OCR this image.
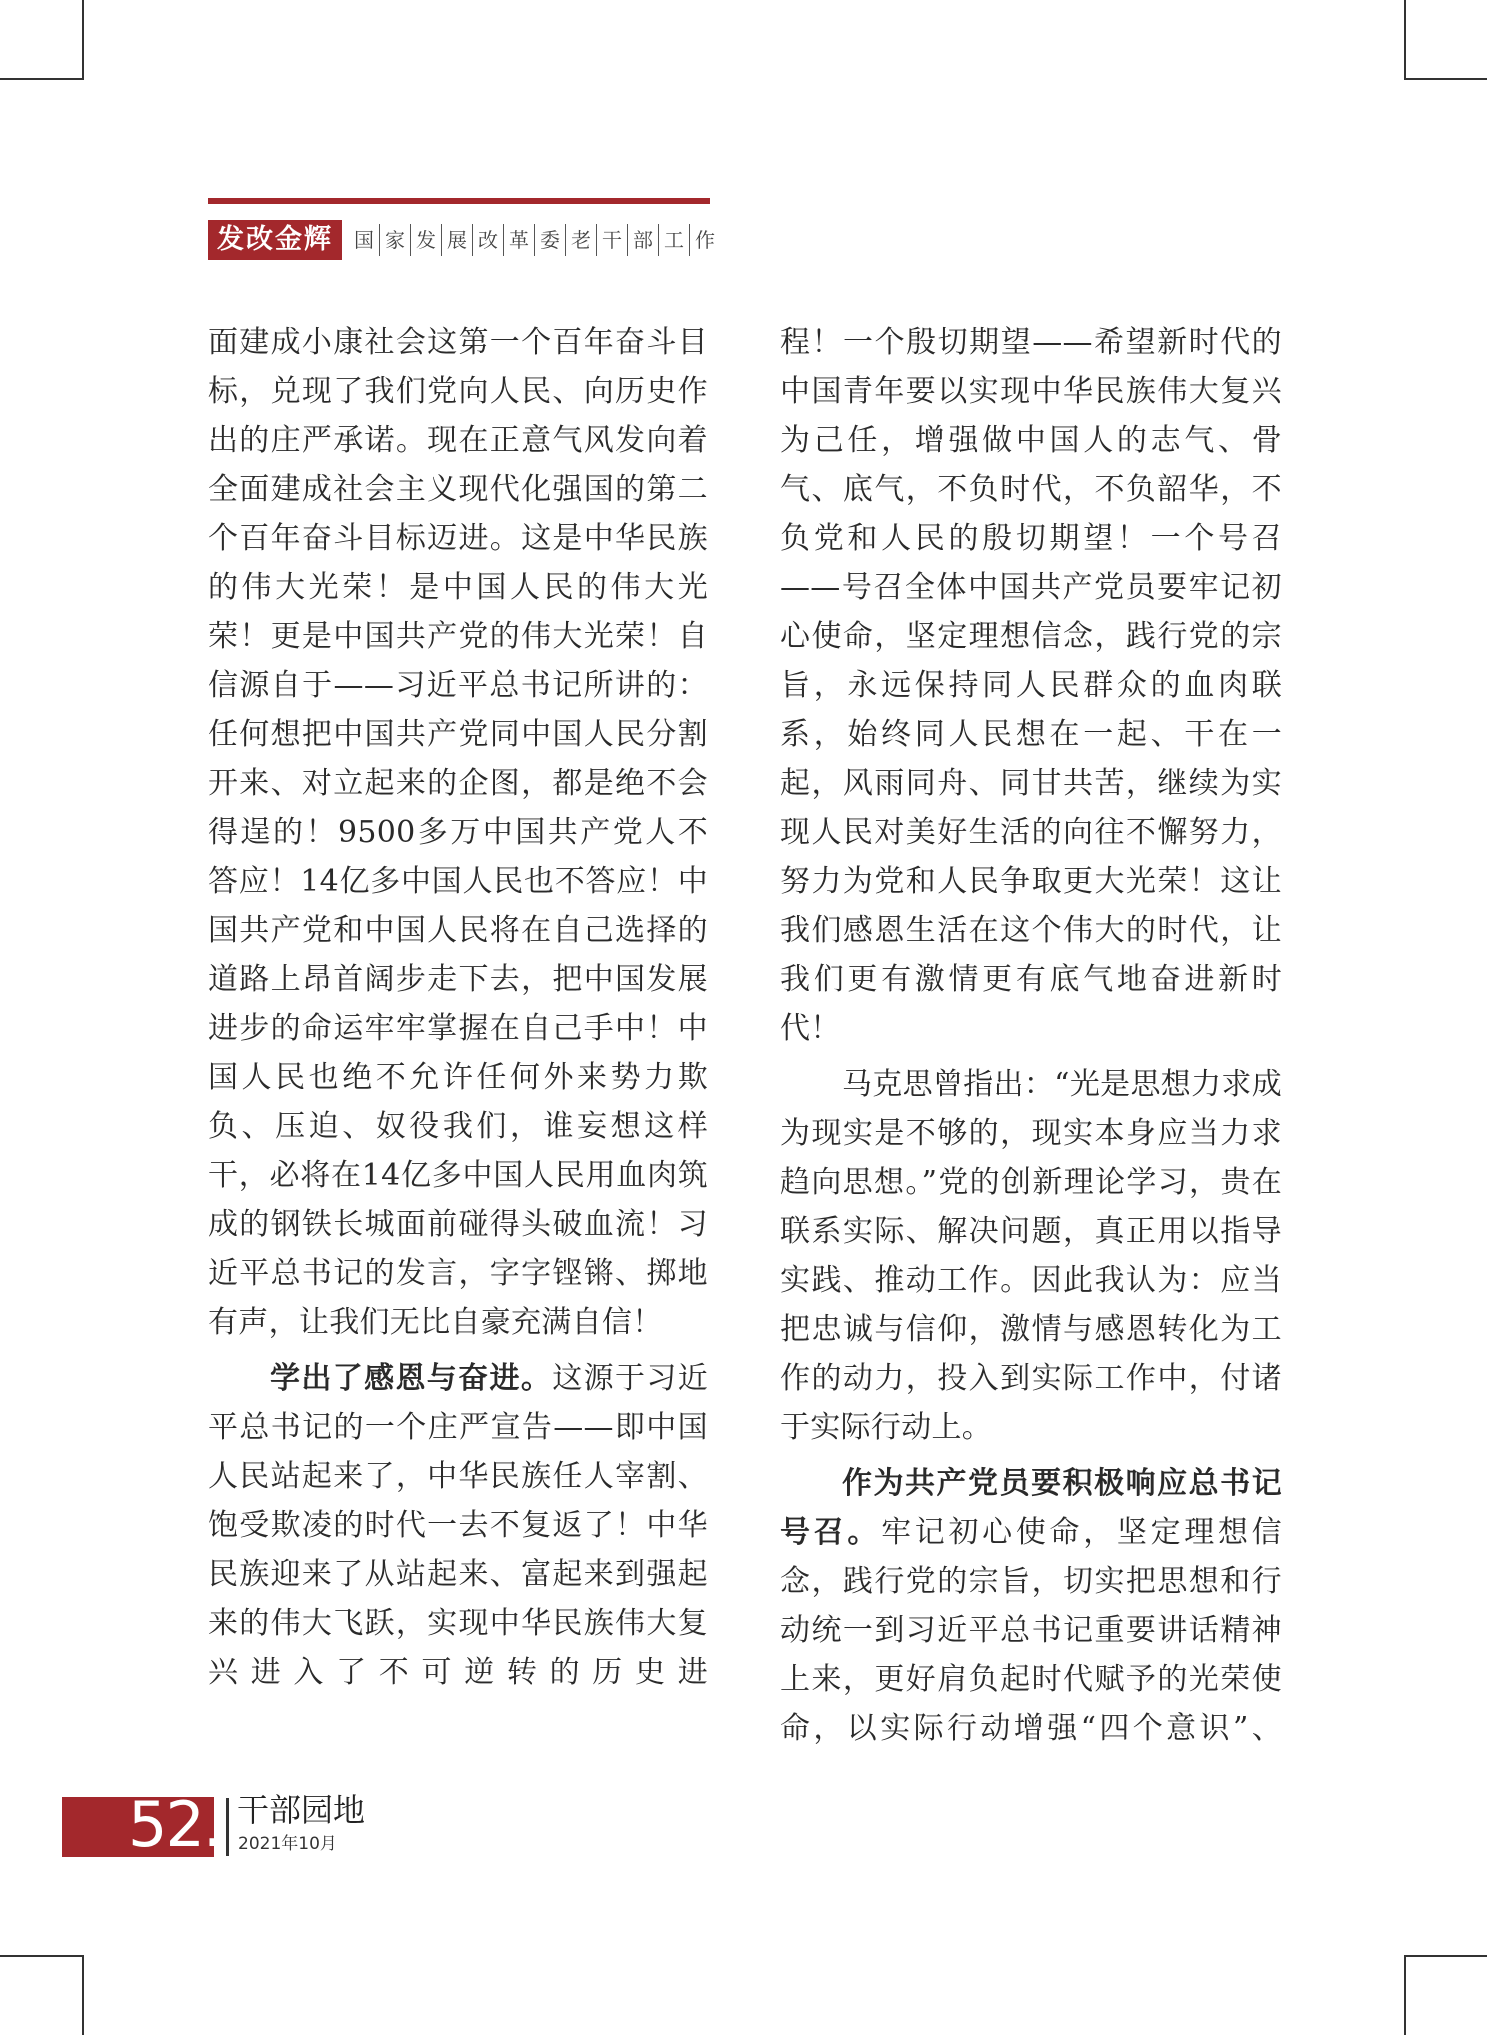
发改金辉	国 家 发 展 改 革 委 老 干 部 工 作

面建成小康社会这第一个百年奋斗目标，兑现了我们党向人民、向历史作出的庄严承诺。现在正意气风发向着全面建成社会主义现代化强国的第二个百年奋斗目标迈进。这是中华民族的伟大光荣！是中国人民的伟大光荣！更是中国共产党的伟大光荣！自信源自于——习近平总书记所讲的：任何想把中国共产党同中国人民分割开来、对立起来的企图，都是绝不会得逞的！9500多万中国共产党人不答应！14亿多中国人民也不答应！中国共产党和中国人民将在自己选择的道路上昂首阔步走下去，把中国发展进步的命运牢牢掌握在自己手中！中国人民也绝不允许任何外来势力欺负、压迫、奴役我们，谁妄想这样干，必将在14亿多中国人民用血肉筑成的钢铁长城面前碰得头破血流！习近平总书记的发言，字字铿锵、掷地有声，让我们无比自豪充满自信！

学出了感恩与奋进。这源于习近平总书记的一个庄严宣告——即中国人民站起来了，中华民族任人宰割、饱受欺凌的时代一去不复返了！中华民族迎来了从站起来、富起来到强起来的伟大飞跃，实现中华民族伟大复兴进入了不可逆转的历史进

程！一个殷切期望——希望新时代的中国青年要以实现中华民族伟大复兴为己任，增强做中国人的志气、骨气、底气，不负时代，不负韶华，不负党和人民的殷切期望！一个号召——号召全体中国共产党员要牢记初心使命，坚定理想信念，践行党的宗旨，永远保持同人民群众的血肉联系，始终同人民想在一起、干在一起，风雨同舟、同甘共苦，继续为实现人民对美好生活的向往不懈努力，努力为党和人民争取更大光荣！这让我们感恩生活在这个伟大的时代，让我们更有激情更有底气地奋进新时代！

马克思曾指出：“光是思想力求成为现实是不够的，现实本身应当力求趋向思想。”党的创新理论学习，贵在联系实际、解决问题，真正用以指导实践、推动工作。因此我认为：应当把忠诚与信仰，激情与感恩转化为工作的动力，投入到实际工作中，付诸于实际行动上。

作为共产党员要积极响应总书记号召。牢记初心使命，坚定理想信念，践行党的宗旨，切实把思想和行动统一到习近平总书记重要讲话精神上来，更好肩负起时代赋予的光荣使命，以实际行动增强“四个意识”、

52. 干部园地
2021年10月
